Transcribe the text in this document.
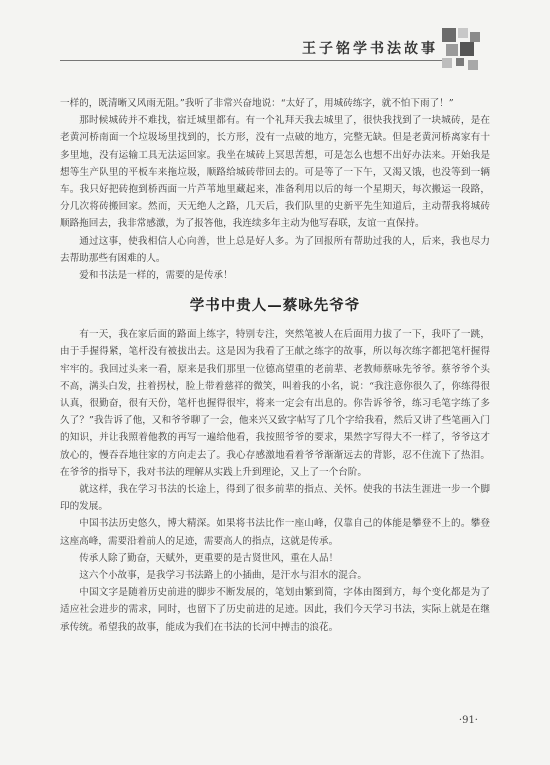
王子铭学书法故事

一样的，既清晰又风雨无阻。”我听了非常兴奋地说：“太好了，用城砖练字，就不怕下雨了！”

那时候城砖并不难找，宿迁城里都有。有一个礼拜天我去城里了，很快我找到了一块城砖，是在老黄河桥南面一个垃圾场里找到的，长方形，没有一点破的地方，完整无缺。但是老黄河桥离家有十多里地，没有运输工具无法运回家。我坐在城砖上冥思苦想，可是怎么也想不出好办法来。开始我是想等生产队里的平板车来拖垃圾，顺路给城砖带回去的。可是等了一下午，又渴又饿，也没等到一辆车。我只好把砖抱到桥西面一片芦苇地里藏起来，准备利用以后的每一个星期天，每次搬运一段路，分几次将砖搬回家。然而，天无绝人之路，几天后，我们队里的史新平先生知道后，主动帮我将城砖顺路拖回去，我非常感激，为了报答他，我连续多年主动为他写春联，友谊一直保持。

通过这事，使我相信人心向善，世上总是好人多。为了回报所有帮助过我的人，后来，我也尽力去帮助那些有困难的人。

爱和书法是一样的，需要的是传承！

学书中贵人—蔡咏先爷爷

有一天，我在家后面的路面上练字，特别专注，突然笔被人在后面用力拔了一下，我吓了一跳，由于手握得紧，笔杆没有被拔出去。这是因为我看了王献之练字的故事，所以每次练字都把笔杆握得牢牢的。我回过头来一看，原来是我们那里一位德高望重的老前辈、老教师蔡咏先爷爷。蔡爷爷个头不高，满头白发，拄着拐杖，脸上带着慈祥的微笑，叫着我的小名，说：“我注意你很久了，你练得很认真，很勤奋，很有天份，笔杆也握得很牢，将来一定会有出息的。你告诉爷爷，练习毛笔字练了多久了？”我告诉了他，又和爷爷聊了一会，他来兴又致字帖写了几个字给我看，然后又讲了些笔画入门的知识，并让我照着他教的再写一遍给他看，我按照爷爷的要求，果然字写得大不一样了，爷爷这才放心的，慢吞吞地往家的方向走去了。我心存感激地看着爷爷渐渐远去的背影，忍不住流下了热泪。在爷爷的指导下，我对书法的理解从实践上升到理论，又上了一个台阶。

就这样，我在学习书法的长途上，得到了很多前辈的指点、关怀。使我的书法生涯进一步一个脚印的发展。

中国书法历史悠久，博大精深。如果将书法比作一座山峰，仅靠自己的体能是攀登不上的。攀登这座高峰，需要沿着前人的足迹，需要高人的指点，这就是传承。

传承人除了勤奋，天赋外，更重要的是古贤世风，重在人品！

这六个小故事，是我学习书法路上的小插曲，是汗水与泪水的混合。

中国文字是随着历史前进的脚步不断发展的，笔划由繁到简，字体由图到方，每个变化都是为了适应社会进步的需求，同时，也留下了历史前进的足迹。因此，我们今天学习书法，实际上就是在继承传统。希望我的故事，能成为我们在书法的长河中搏击的浪花。

·91·
